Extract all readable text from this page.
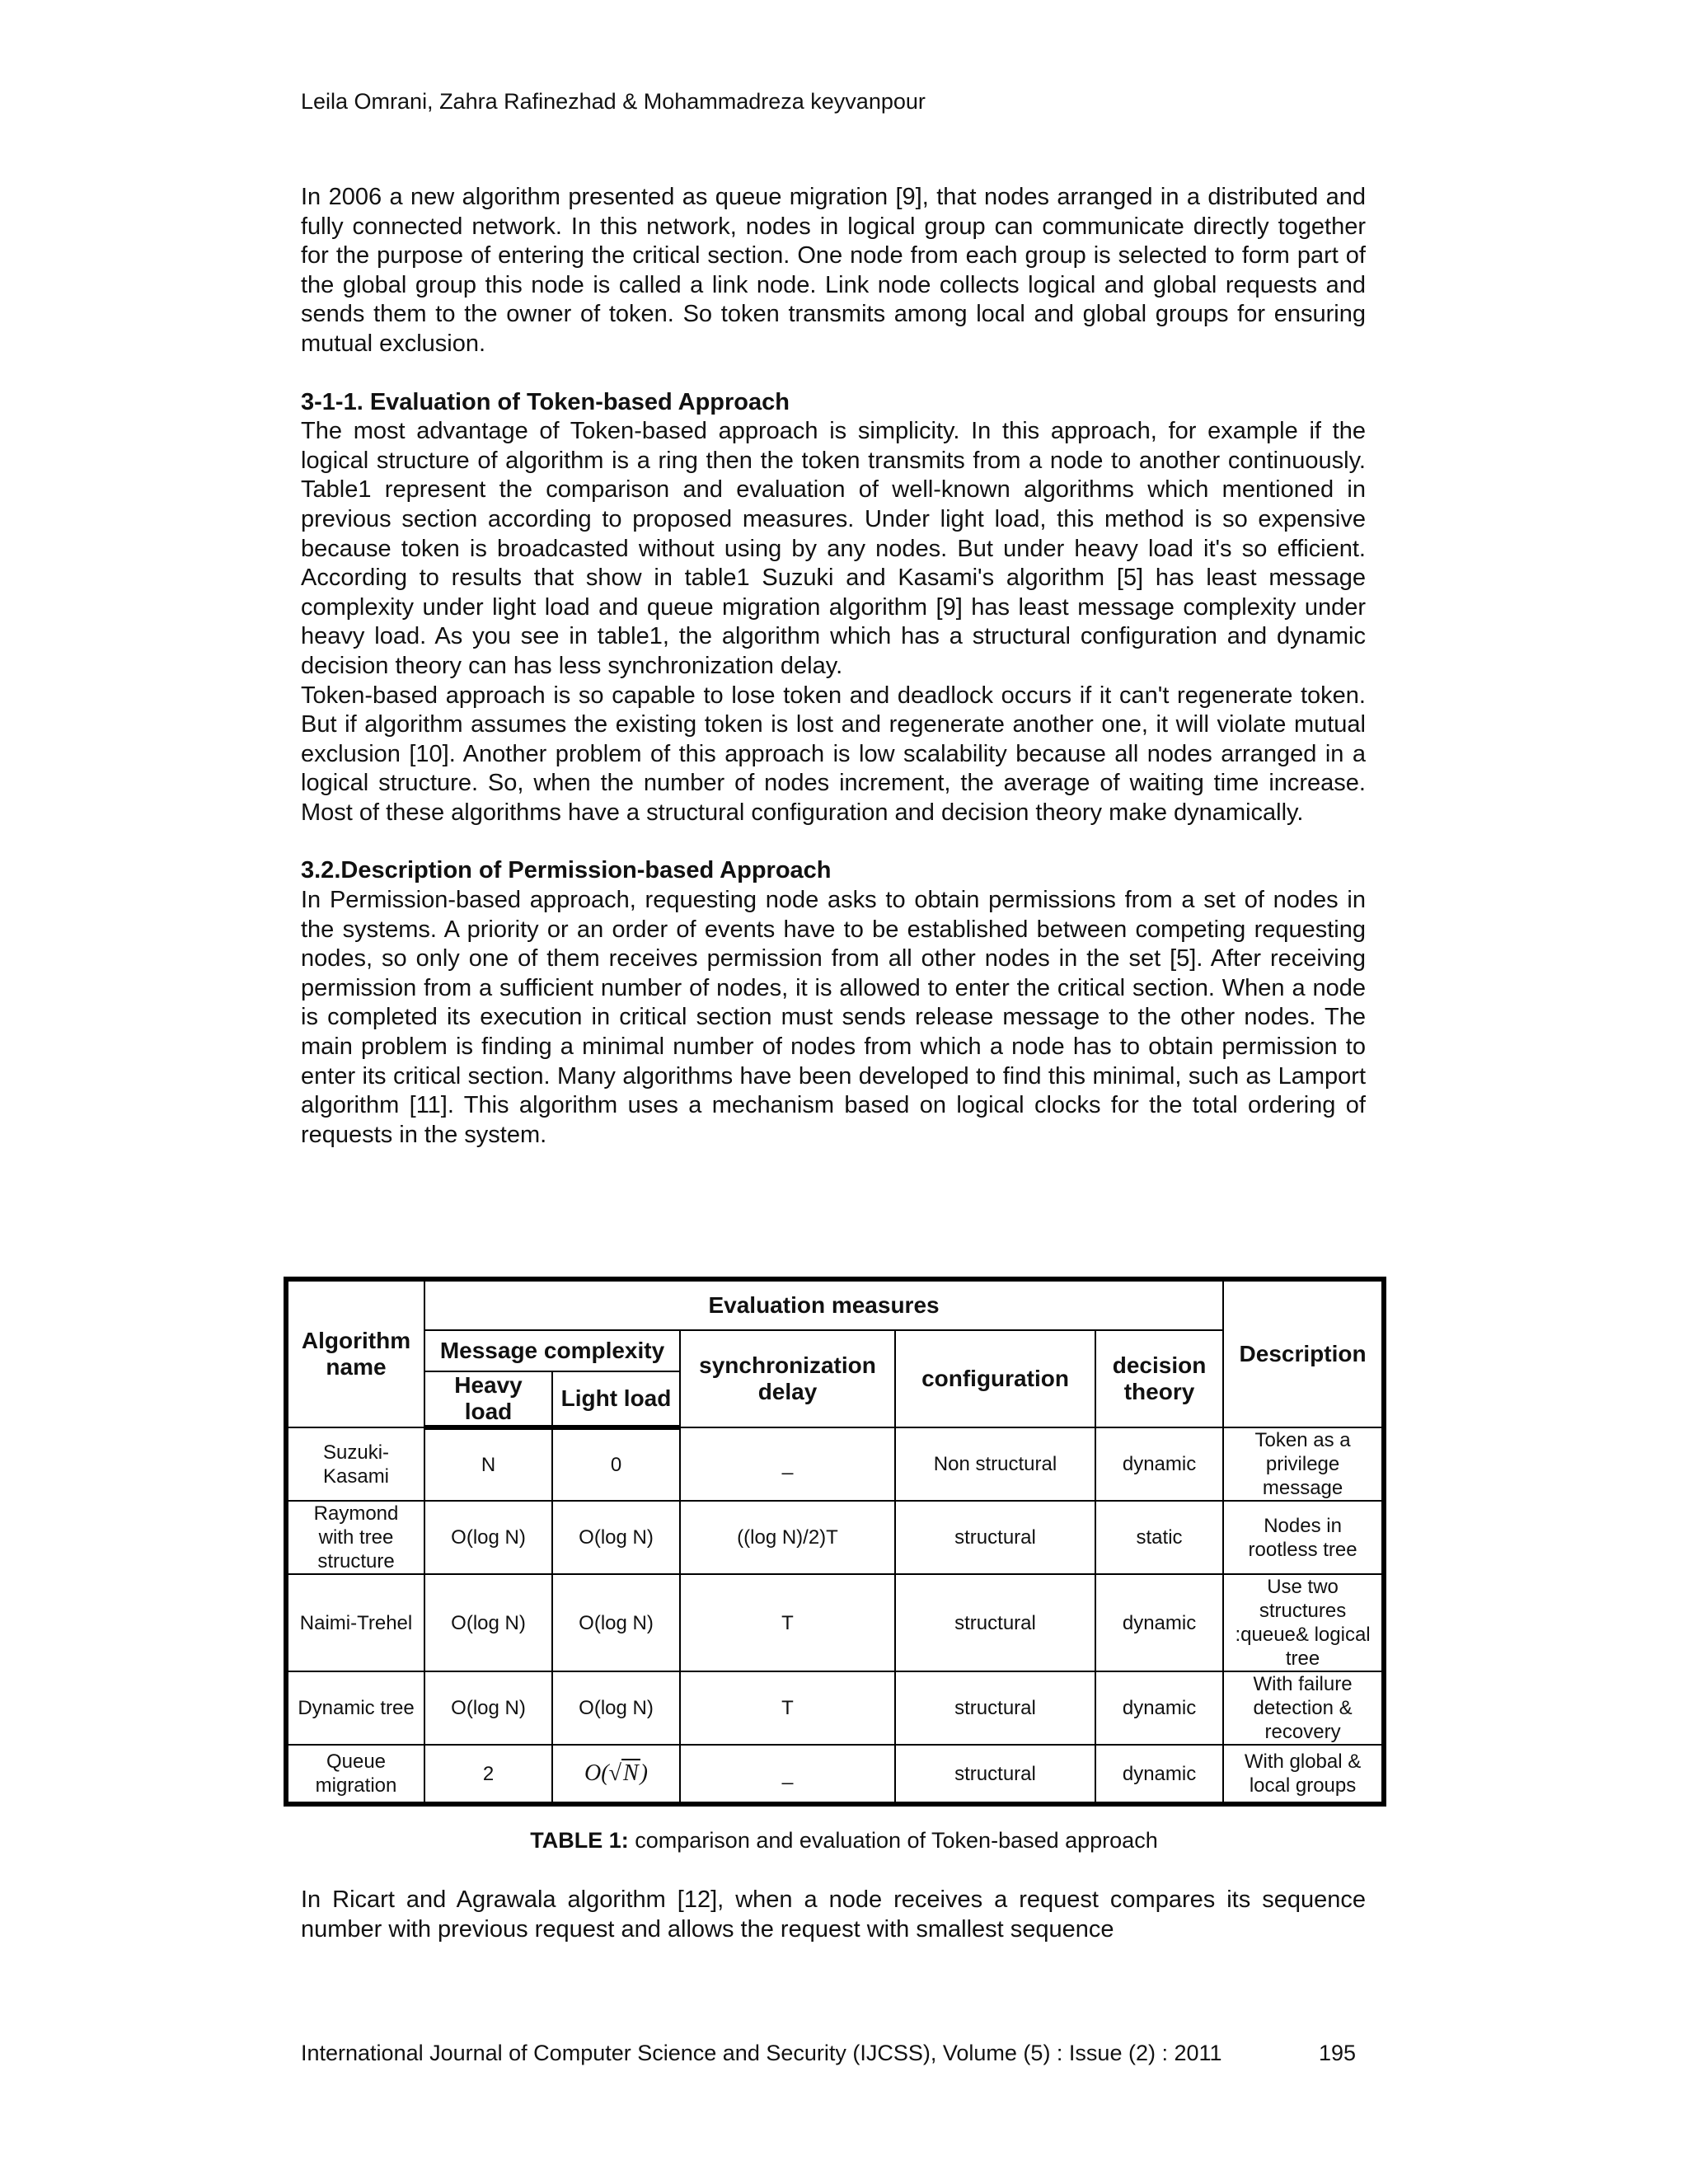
Leila Omrani, Zahra Rafinezhad & Mohammadreza keyvanpour

In 2006 a new algorithm presented as queue migration [9], that nodes arranged in a distributed and fully connected network. In this network, nodes in logical group can communicate directly together for the purpose of entering the critical section. One node from each group is selected to form part of the global group this node is called a link node. Link node collects logical and global requests and sends them to the owner of token. So token transmits among local and global groups for ensuring mutual exclusion.

3-1-1. Evaluation of Token-based Approach

The most advantage of Token-based approach is simplicity. In this approach, for example if the logical structure of algorithm is a ring then the token transmits from a node to another continuously. Table1 represent the comparison and evaluation of well-known algorithms which mentioned in previous section according to proposed measures. Under light load, this method is so expensive because token is broadcasted without using by any nodes. But under heavy load it's so efficient. According to results that show in table1 Suzuki and Kasami's algorithm [5] has least message complexity under light load and queue migration algorithm [9] has least message complexity under heavy load. As you see in table1, the algorithm which has a structural configuration and dynamic decision theory can has less synchronization delay.

Token-based approach is so capable to lose token and deadlock occurs if it can't regenerate token. But if algorithm assumes the existing token is lost and regenerate another one, it will violate mutual exclusion [10]. Another problem of this approach is low scalability because all nodes arranged in a logical structure. So, when the number of nodes increment, the average of waiting time increase. Most of these algorithms have a structural configuration and decision theory make dynamically.

3.2.Description of Permission-based Approach

In Permission-based approach, requesting node asks to obtain permissions from a set of nodes in the systems. A priority or an order of events have to be established between competing requesting nodes, so only one of them receives permission from all other nodes in the set [5]. After receiving permission from a sufficient number of nodes, it is allowed to enter the critical section. When a node is completed its execution in critical section must sends release message to the other nodes. The main problem is finding a minimal number of nodes from which a node has to obtain permission to enter its critical section. Many algorithms have been developed to find this minimal, such as Lamport algorithm [11]. This algorithm uses a mechanism based on logical clocks for the total ordering of requests in the system.

Algorithm name	Evaluation measures					Description
	Message complexity		synchronization delay	configuration	decision theory	
	Heavy load	Light load				
Suzuki-Kasami	N	0	_	Non structural	dynamic	Token as a privilege message
Raymond with tree structure	O(log N)	O(log N)	((log N)/2)T	structural	static	Nodes in rootless tree
Naimi-Trehel	O(log N)	O(log N)	T	structural	dynamic	Use two structures :queue& logical tree
Dynamic tree	O(log N)	O(log N)	T	structural	dynamic	With failure detection & recovery
Queue migration	2	O(√N)	_	structural	dynamic	With global & local groups
TABLE 1: comparison and evaluation of Token-based approach

In Ricart and Agrawala algorithm [12], when a node receives a request compares its sequence number with previous request and allows the request with smallest sequence

International Journal of Computer Science and Security (IJCSS), Volume (5) : Issue (2) : 2011	195
